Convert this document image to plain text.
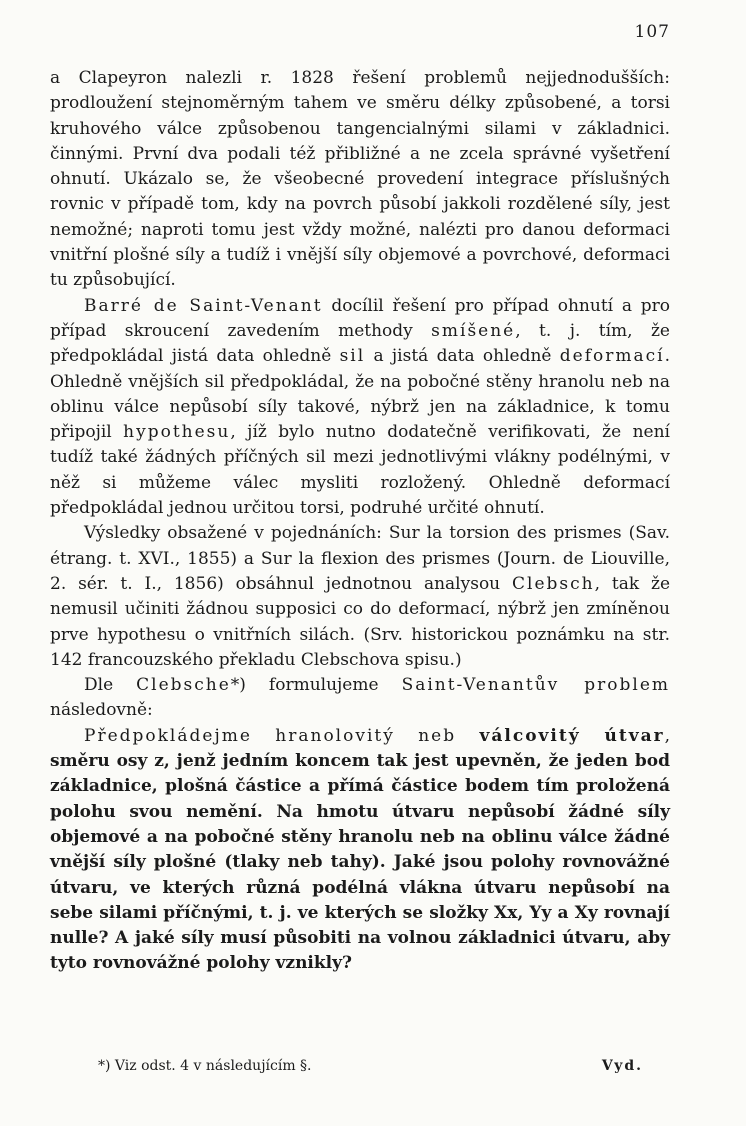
107

a Clapeyron nalezli r. 1828 řešení problemů nejjednodušších: prodloužení stejnoměrným tahem ve směru délky způsobené, a torsi kruhového válce způsobenou tangencialnými silami v základnici. činnými. První dva podali též přibližné a ne zcela správné vyšetření ohnutí. Ukázalo se, že všeobecné provedení integrace příslušných rovnic v případě tom, kdy na povrch působí jakkoli rozdělené síly, jest nemožné; naproti tomu jest vždy možné, nalézti pro danou deformaci vnitřní plošné síly a tudíž i vnější síly objemové a povrchové, deformaci tu způsobující.

Barré de Saint-Venant docílil řešení pro případ ohnutí a pro případ skroucení zavedením methody smíšené, t. j. tím, že předpokládal jistá data ohledně sil a jistá data ohledně deformací. Ohledně vnějších sil předpokládal, že na pobočné stěny hranolu neb na oblinu válce nepůsobí síly takové, nýbrž jen na základnice, k tomu připojil hypothesu, jíž bylo nutno dodatečně verifikovati, že není tudíž také žádných příčných sil mezi jednotlivými vlákny podélnými, v něž si můžeme válec mysliti rozložený. Ohledně deformací předpokládal jednou určitou torsi, podruhé určité ohnutí.

Výsledky obsažené v pojednáních: Sur la torsion des prismes (Sav. étrang. t. XVI., 1855) a Sur la flexion des prismes (Journ. de Liouville, 2. sér. t. I., 1856) obsáhnul jednotnou analysou Clebsch, tak že nemusil učiniti žádnou supposici co do deformací, nýbrž jen zmíněnou prve hypothesu o vnitřních silách. (Srv. historickou poznámku na str. 142 francouzského překladu Clebschova spisu.)

Dle Clebsche*) formulujeme Saint-Venantův problem následovně:

Předpokládejme hranolovitý neb válcovitý útvar, směru osy z, jenž jedním koncem tak jest upevněn, že jeden bod základnice, plošná částice a přímá částice bodem tím proložená polohu svou nemění. Na hmotu útvaru nepůsobí žádné síly objemové a na pobočné stěny hranolu neb na oblinu válce žádné vnější síly plošné (tlaky neb tahy). Jaké jsou polohy rovnovážné útvaru, ve kterých různá podélná vlákna útvaru nepůsobí na sebe silami příčnými, t. j. ve kterých se složky Xx, Yy a Xy rovnají nulle? A jaké síly musí působiti na volnou základnici útvaru, aby tyto rovnovážné polohy vznikly?

*) Viz odst. 4 v následujícím §.	Vyd.
